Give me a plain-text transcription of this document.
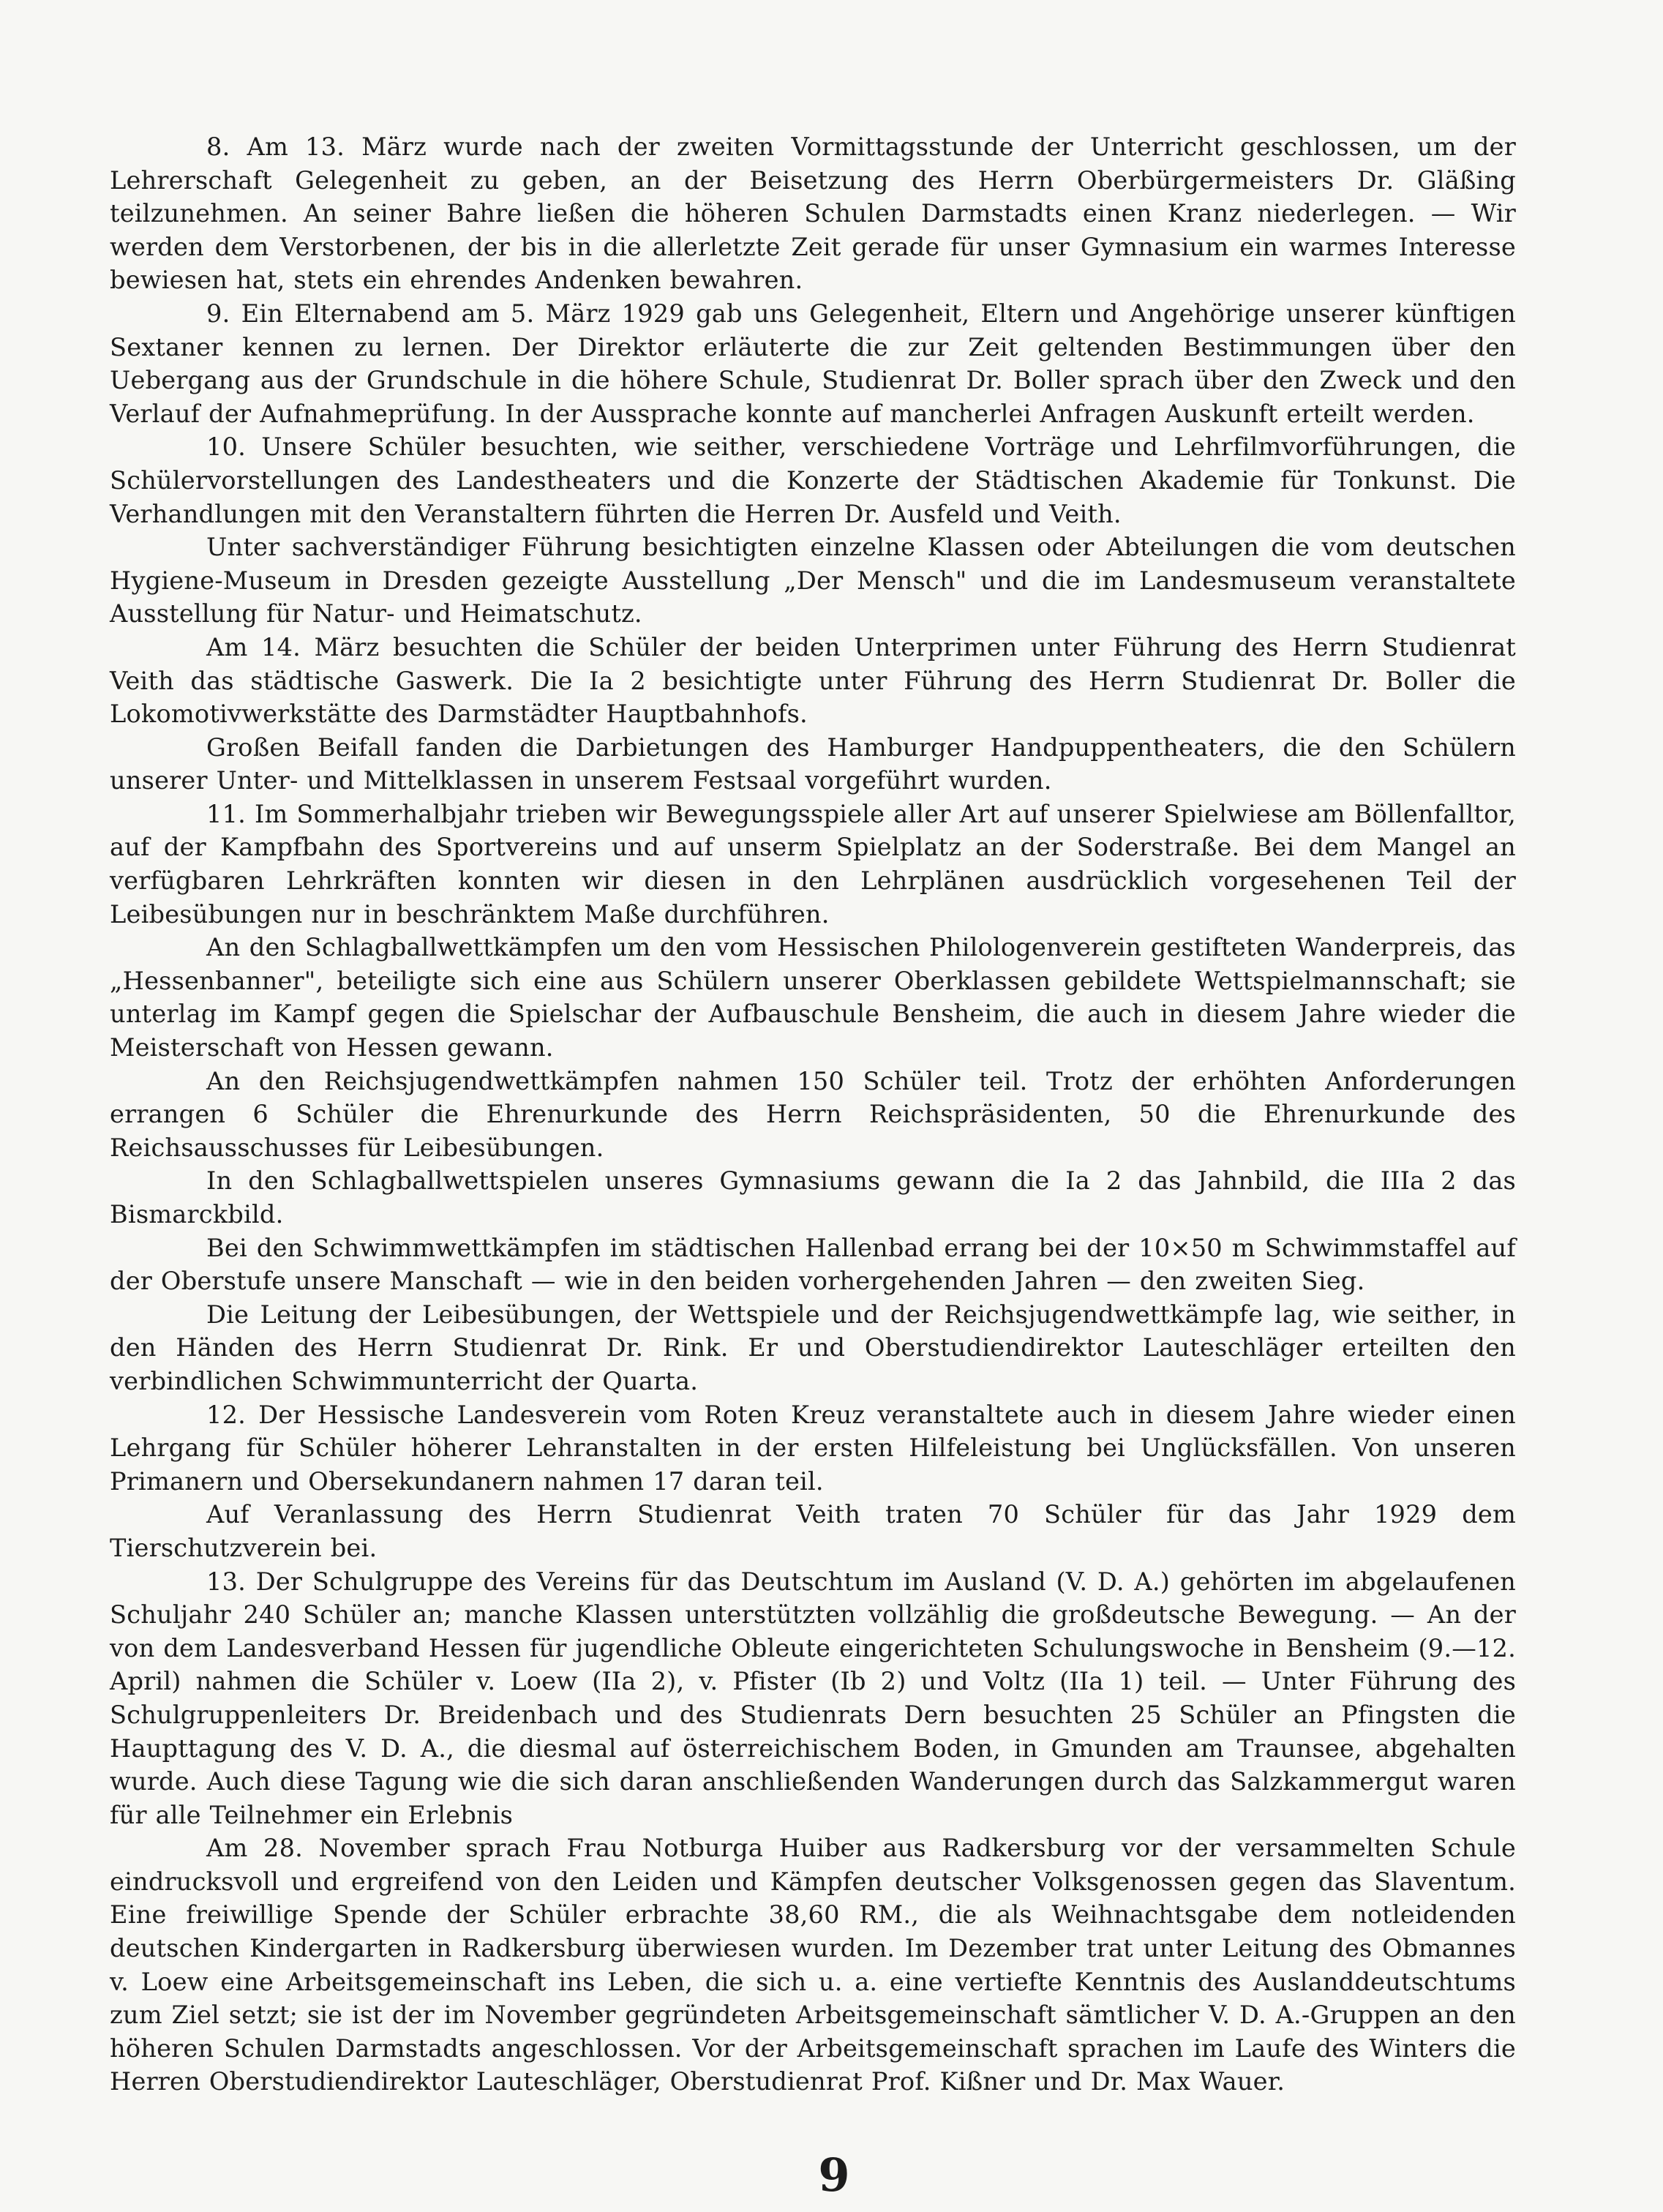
8. Am 13. März wurde nach der zweiten Vormittagsstunde der Unterricht geschlossen, um der Lehrerschaft Gelegenheit zu geben, an der Beisetzung des Herrn Oberbürgermeisters Dr. Gläßing teilzunehmen. An seiner Bahre ließen die höheren Schulen Darmstadts einen Kranz niederlegen. — Wir werden dem Verstorbenen, der bis in die allerletzte Zeit gerade für unser Gymnasium ein warmes Interesse bewiesen hat, stets ein ehrendes Andenken bewahren.

9. Ein Elternabend am 5. März 1929 gab uns Gelegenheit, Eltern und Angehörige unserer künftigen Sextaner kennen zu lernen. Der Direktor erläuterte die zur Zeit geltenden Bestimmungen über den Uebergang aus der Grundschule in die höhere Schule, Studienrat Dr. Boller sprach über den Zweck und den Verlauf der Aufnahmeprüfung. In der Aussprache konnte auf mancherlei Anfragen Auskunft erteilt werden.

10. Unsere Schüler besuchten, wie seither, verschiedene Vorträge und Lehrfilmvorführungen, die Schülervorstellungen des Landestheaters und die Konzerte der Städtischen Akademie für Tonkunst. Die Verhandlungen mit den Veranstaltern führten die Herren Dr. Ausfeld und Veith.

Unter sachverständiger Führung besichtigten einzelne Klassen oder Abteilungen die vom deutschen Hygiene-Museum in Dresden gezeigte Ausstellung „Der Mensch" und die im Landesmuseum veranstaltete Ausstellung für Natur- und Heimatschutz.

Am 14. März besuchten die Schüler der beiden Unterprimen unter Führung des Herrn Studienrat Veith das städtische Gaswerk. Die Ia 2 besichtigte unter Führung des Herrn Studienrat Dr. Boller die Lokomotivwerkstätte des Darmstädter Hauptbahnhofs.

Großen Beifall fanden die Darbietungen des Hamburger Handpuppentheaters, die den Schülern unserer Unter- und Mittelklassen in unserem Festsaal vorgeführt wurden.

11. Im Sommerhalbjahr trieben wir Bewegungsspiele aller Art auf unserer Spielwiese am Böllenfalltor, auf der Kampfbahn des Sportvereins und auf unserm Spielplatz an der Soderstraße. Bei dem Mangel an verfügbaren Lehrkräften konnten wir diesen in den Lehrplänen ausdrücklich vorgesehenen Teil der Leibesübungen nur in beschränktem Maße durchführen.

An den Schlagballwettkämpfen um den vom Hessischen Philologenverein gestifteten Wanderpreis, das „Hessenbanner", beteiligte sich eine aus Schülern unserer Oberklassen gebildete Wettspielmannschaft; sie unterlag im Kampf gegen die Spielschar der Aufbauschule Bensheim, die auch in diesem Jahre wieder die Meisterschaft von Hessen gewann.

An den Reichsjugendwettkämpfen nahmen 150 Schüler teil. Trotz der erhöhten Anforderungen errangen 6 Schüler die Ehrenurkunde des Herrn Reichspräsidenten, 50 die Ehrenurkunde des Reichsausschusses für Leibesübungen.

In den Schlagballwettspielen unseres Gymnasiums gewann die Ia 2 das Jahnbild, die IIIa 2 das Bismarckbild.

Bei den Schwimmwettkämpfen im städtischen Hallenbad errang bei der 10×50 m Schwimmstaffel auf der Oberstufe unsere Manschaft — wie in den beiden vorhergehenden Jahren — den zweiten Sieg.

Die Leitung der Leibesübungen, der Wettspiele und der Reichsjugendwettkämpfe lag, wie seither, in den Händen des Herrn Studienrat Dr. Rink. Er und Oberstudiendirektor Lauteschläger erteilten den verbindlichen Schwimmunterricht der Quarta.

12. Der Hessische Landesverein vom Roten Kreuz veranstaltete auch in diesem Jahre wieder einen Lehrgang für Schüler höherer Lehranstalten in der ersten Hilfeleistung bei Unglücksfällen. Von unseren Primanern und Obersekundanern nahmen 17 daran teil.

Auf Veranlassung des Herrn Studienrat Veith traten 70 Schüler für das Jahr 1929 dem Tierschutzverein bei.

13. Der Schulgruppe des Vereins für das Deutschtum im Ausland (V. D. A.) gehörten im abgelaufenen Schuljahr 240 Schüler an; manche Klassen unterstützten vollzählig die großdeutsche Bewegung. — An der von dem Landesverband Hessen für jugendliche Obleute eingerichteten Schulungswoche in Bensheim (9.—12. April) nahmen die Schüler v. Loew (IIa 2), v. Pfister (Ib 2) und Voltz (IIa 1) teil. — Unter Führung des Schulgruppenleiters Dr. Breidenbach und des Studienrats Dern besuchten 25 Schüler an Pfingsten die Haupttagung des V. D. A., die diesmal auf österreichischem Boden, in Gmunden am Traunsee, abgehalten wurde. Auch diese Tagung wie die sich daran anschließenden Wanderungen durch das Salzkammergut waren für alle Teilnehmer ein Erlebnis

Am 28. November sprach Frau Notburga Huiber aus Radkersburg vor der versammelten Schule eindrucksvoll und ergreifend von den Leiden und Kämpfen deutscher Volksgenossen gegen das Slaventum. Eine freiwillige Spende der Schüler erbrachte 38,60 RM., die als Weihnachtsgabe dem notleidenden deutschen Kindergarten in Radkersburg überwiesen wurden. Im Dezember trat unter Leitung des Obmannes v. Loew eine Arbeitsgemeinschaft ins Leben, die sich u. a. eine vertiefte Kenntnis des Auslanddeutschtums zum Ziel setzt; sie ist der im November gegründeten Arbeitsgemeinschaft sämtlicher V. D. A.-Gruppen an den höheren Schulen Darmstadts angeschlossen. Vor der Arbeitsgemeinschaft sprachen im Laufe des Winters die Herren Oberstudiendirektor Lauteschläger, Oberstudienrat Prof. Kißner und Dr. Max Wauer.

9
